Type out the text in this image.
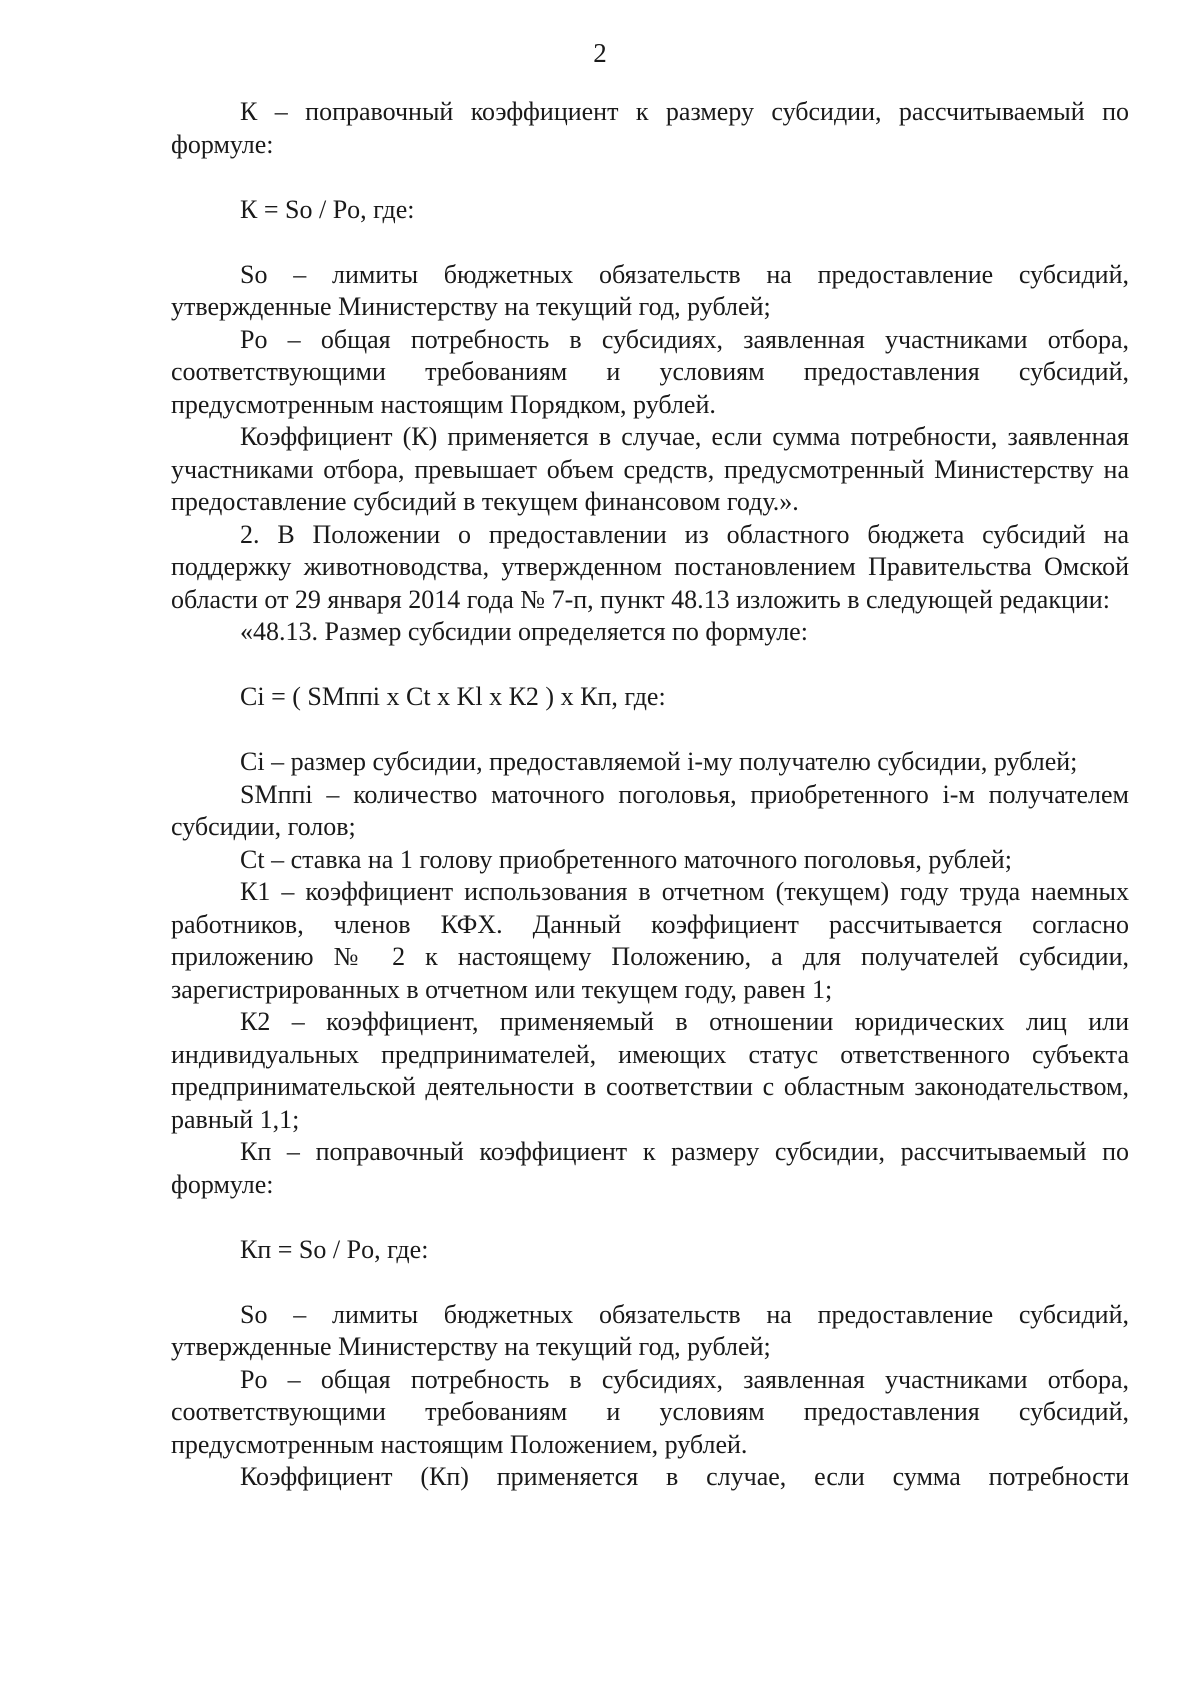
2

К – поправочный коэффициент к размеру субсидии, рассчитываемый по формуле:

К = So / Po, где:

So – лимиты бюджетных обязательств на предоставление субсидий, утвержденные Министерству на текущий год, рублей;

Po – общая потребность в субсидиях, заявленная участниками отбора, соответствующими требованиям и условиям предоставления субсидий, предусмотренным настоящим Порядком, рублей.

Коэффициент (К) применяется в случае, если сумма потребности, заявленная участниками отбора, превышает объем средств, предусмотренный Министерству на предоставление субсидий в текущем финансовом году.».

2. В Положении о предоставлении из областного бюджета субсидий на поддержку животноводства, утвержденном постановлением Правительства Омской области от 29 января 2014 года № 7-п, пункт 48.13 изложить в следующей редакции:

«48.13. Размер субсидии определяется по формуле:

Ci = ( SMппi х Ct х Kl х К2 ) х Кп, где:

Ci – размер субсидии, предоставляемой i-му получателю субсидии, рублей;

SMппi – количество маточного поголовья, приобретенного i-м получателем субсидии, голов;

Ct – ставка на 1 голову приобретенного маточного поголовья, рублей;

К1 – коэффициент использования в отчетном (текущем) году труда наемных работников, членов КФХ. Данный коэффициент рассчитывается согласно приложению № 2 к настоящему Положению, а для получателей субсидии, зарегистрированных в отчетном или текущем году, равен 1;

К2 – коэффициент, применяемый в отношении юридических лиц или индивидуальных предпринимателей, имеющих статус ответственного субъекта предпринимательской деятельности в соответствии с областным законодательством, равный 1,1;

Кп – поправочный коэффициент к размеру субсидии, рассчитываемый по формуле:

Кп = So / Po, где:

So – лимиты бюджетных обязательств на предоставление субсидий, утвержденные Министерству на текущий год, рублей;

Po – общая потребность в субсидиях, заявленная участниками отбора, соответствующими требованиям и условиям предоставления субсидий, предусмотренным настоящим Положением, рублей.

Коэффициент (Кп) применяется в случае, если сумма потребности
